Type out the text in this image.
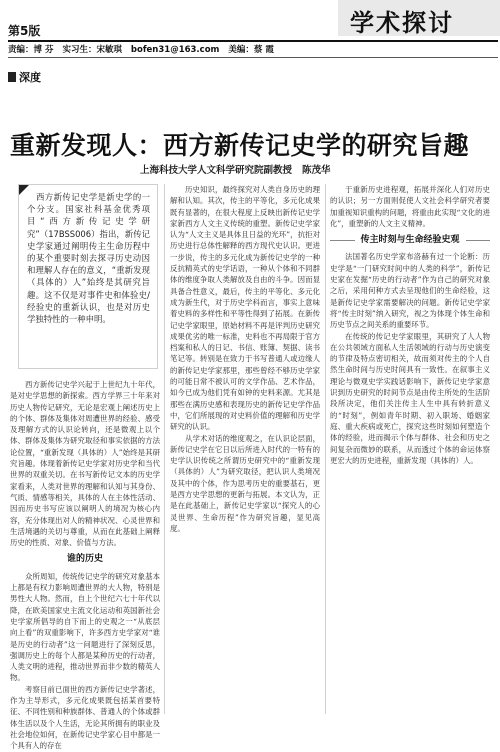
第5版	学术探讨
责编：博 芬 实习生：宋敏琪 bofen31@163.com 美编：蔡 霞
深度
重新发现人：西方新传记史学的研究旨趣
上海科技大学人文科学研究院副教授 陈茂华

西方新传记史学是新史学的一个分支。国家社科基金优秀项目“西方新传记史学研究”（17BSS006）指出，新传记史学家通过阐明传主生命历程中的某个重要时刻去探寻历史动因和理解人存在的意义，“重新发现（具体的）人”始终是其研究旨趣。这不仅是对事件史和体验史/经验史的重新认识，也是对历史学独特性的一种申明。

西方新传记史学兴起于上世纪九十年代，是对史学思想的新探索。西方学界三十年来对历史人物传记研究，无论是宏观上阐述历史上的个体、群体及集体对周遭世界的经验、感受及理解方式的认识论转向，还是微观上以个体、群体及集体为研究取径和事实依据的方法论位置，“重新发现（具体的）人”始终是其研究旨趣。体现着新传记史学家对历史学和当代世界的双重关切。在书写新传记文本的历史学家看来，人类对世界的理解和认知与其身份、气质、情感等相关，具体的人在主体性活动、因而历史书写应该以阐明人的境况为核心内容，充分体现出对人的精神状况、心灵世界和生活境遇的关切与尊重，从而在此基础上阐释历史的性质、对象、价值与方法。

谁的历史

众所周知，传统传记史学的研究对象基本上都是有权力影响周遭世界的大人物，特别是男性大人物。然而，自上个世纪六七十年代以降，在欧美国家史主流文化运动和英国新社会史学家所倡导的自下而上的史观之一“从底层向上看”的双重影响下，许多西方史学家对“谁是历史的行动者”这一问题进行了深刻反思，强调历史上的每个人都是某种历史的行动者，人类文明的进程，推动世界而非少数的精英人物。

考察目前已面世的西方新传记史学著述，作为主导形式，多元化成果既包括某首要特征、不同性别和种族群体、普通人的个体或群体生活以及个人生活，无论其所拥有的职业及社会地位如何，在新传记史学家心目中都是一个具有人的存在

历史知识，最终探究对人类自身历史的理解和认知。其次，传主的平等化，多元化成果既有显著的，在很大程度上反映出新传记史学家新西方人文主义传统的重塑。新传记史学家认为“人文主义是具体且日益的光环”，抗拒对历史进行总体性解释的西方现代史认识。更进一步说，传主的多元化成为新传记史学的一种反抗精英式的史学话语，一种从个体和不同群体的维度争取人类解放及自由的斗争。因而显具备合性意义，最后，传主的平等化、多元化成为新生代，对于历史学科而言，事实上意味着史料的多样性和平等性得到了拓展。在新传记史学家眼里，原始材料不再是评判历史研究成果优劣的唯一标准，史料也不再局限于官方档案和私人的日记、书信、账簿、契据、读书笔记等。转别是在致力于书写普通人或边缘人的新传记史学家那里，那些曾经不够历史学家的可能日常不被认可的文学作品、艺术作品，如今已成为他们凭有如钟的史料来源。尤其是那些在满历史感和表现历史的新传记史学作品中，它们所展现的对史料价值的理解和历史学研究的认识。

从学术对话的维度观之，在认识论层面，新传记史学在它日以后所进入时代的一特有的史学认识传统之所谓历史研究中的“重新发现（具体的）人”为研究取径，把认识人类境况及其中的个体，作为思考历史的重要基石，更是西方史学思想的更新与拓展。本文认为，正是在此基础上，新传记史学家以“探究人的心灵世界、生命历程”作为研究旨趣，显见高度。

于重新历史进程观，拓展并深化人们对历史的认识；另一方面则促使人文社会科学研究者要加重视知识重构的问题，将重由此实现“文化的进化”，重塑新的人文主义精神。

传主时刻与生命经验史观

法国著名历史学家布洛赫有过一个论断：历史学是“一门研究时间中的人类的科学”，新传记史家在发掘“历史的行动者”作为自己的研究对象之后，采用何种方式去呈现他们的生命经验，这是新传记史学家需要解决的问题。新传记史学家将“传主时刻”纳入研究，视之为体现个体生命和历史节点之间关系的重要环节。

在传统的传记史学家眼里，其研究了人人物在公共领域方面私人生活领域的行动与历史演变的节律及特点密切相关，故而须对传主的个人自然生命时间与历史时间具有一致性。在叙事主义理论与微观史学实践话影响下，新传记史学家意识到历史研究的时间节点是由传主所处的生活阶段所决定，他们关注传主人生中具有转折意义的“时刻”，例如青年时期、初入职场、婚姻家庭、重大疾病或死亡，探究这些时刻如何塑造个体的经验，进而揭示个体与群体、社会和历史之间复杂而微妙的联系，从而透过个体的命运体察更宏大的历史进程，重新发现（具体的）人。
